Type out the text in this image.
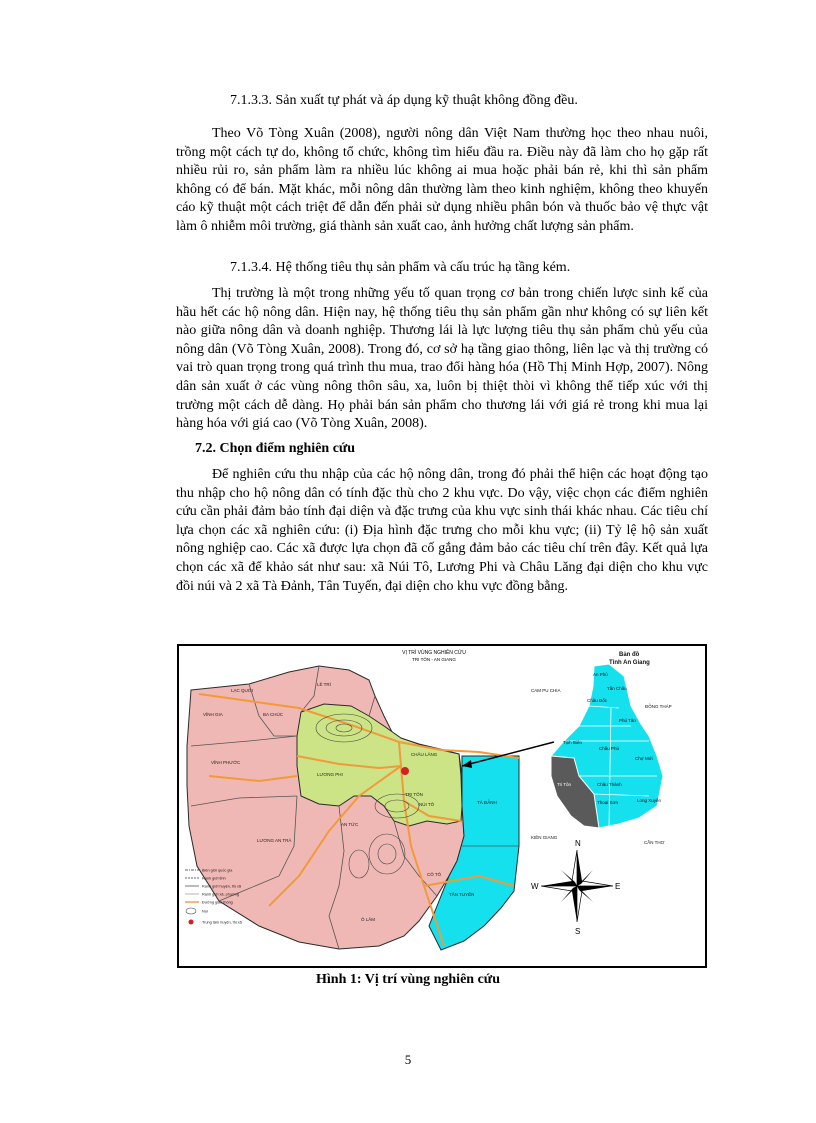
7.1.3.3. Sản xuất tự phát và áp dụng kỹ thuật không đồng đều.

Theo Võ Tòng Xuân (2008), người nông dân Việt Nam thường học theo nhau nuôi, trồng một cách tự do, không tổ chức, không tìm hiểu đầu ra. Điều này đã làm cho họ gặp rất nhiều rủi ro, sản phẩm làm ra nhiều lúc không ai mua hoặc phải bán rẻ, khi thì sản phẩm không có để bán. Mặt khác, mỗi nông dân thường làm theo kinh nghiệm, không theo khuyến cáo kỹ thuật một cách triệt để dẫn đến phải sử dụng nhiều phân bón và thuốc bảo vệ thực vật làm ô nhiễm môi trường, giá thành sản xuất cao, ảnh hưởng chất lượng sản phẩm.

7.1.3.4. Hệ thống tiêu thụ sản phẩm và cấu trúc hạ tầng kém.

Thị trường là một trong những yếu tố quan trọng cơ bản trong chiến lược sinh kế của hầu hết các hộ nông dân. Hiện nay, hệ thống tiêu thụ sản phẩm gần như không có sự liên kết nào giữa nông dân và doanh nghiệp. Thương lái là lực lượng tiêu thụ sản phẩm chủ yếu của nông dân (Võ Tòng Xuân, 2008). Trong đó, cơ sở hạ tầng giao thông, liên lạc và thị trường có vai trò quan trọng trong quá trình thu mua, trao đổi hàng hóa (Hồ Thị Minh Hợp, 2007). Nông dân sản xuất ở các vùng nông thôn sâu, xa, luôn bị thiệt thòi vì không thể tiếp xúc với thị trường một cách dễ dàng. Họ phải bán sản phẩm cho thương lái với giá rẻ trong khi mua lại hàng hóa với giá cao (Võ Tòng Xuân, 2008).

7.2. Chọn điểm nghiên cứu

Để nghiên cứu thu nhập của các hộ nông dân, trong đó phải thể hiện các hoạt động tạo thu nhập cho hộ nông dân có tính đặc thù cho 2 khu vực. Do vậy, việc chọn các điểm nghiên cứu cần phải đảm bảo tính đại diện và đặc trưng của khu vực sinh thái khác nhau. Các tiêu chí lựa chọn các xã nghiên cứu: (i) Địa hình đặc trưng cho mỗi khu vực; (ii) Tỷ lệ hộ sản xuất nông nghiệp cao. Các xã được lựa chọn đã cố gắng đảm bảo các tiêu chí trên đây. Kết quả lựa chọn các xã để khảo sát như sau: xã Núi Tô, Lương Phi và Châu Lăng đại diện cho khu vực đồi núi và 2 xã Tà Đảnh, Tân Tuyến, đại diện cho khu vực đồng bằng.

VỊ TRÍ VÙNG NGHIÊN CỨU
TRI TÔN - AN GIANG
LẠC QUỚI
LÊ TRÌ
VĨNH GIA	BA CHÚC
VĨNH PHƯỚC
LƯƠNG PHI
CHÂU LĂNG
TRI TÔN
NÚI TÔ
AN TỨC
TÀ ĐẢNH
LƯƠNG AN TRÀ
CÔ TÔ
TÂN TUYẾN
Ô LÂM
Bản đồ
Tỉnh An Giang
CAM PU CHIA
ĐỒNG THÁP
KIÊN GIANG
CẦN THƠ
An Phú
Tân Châu
Châu Đốc
Phú Tân
Tịnh Biên
Châu Phú
Chợ Mới
Tri Tôn	Châu Thành
Long Xuyên
Thoại Sơn
N
S
E
W
Biên giới quốc gia
Ranh giới tỉnh
Ranh giới huyện, thị xã
Ranh giới xã, phường
Đường giao thông
Núi
Trung tâm huyện, thị xã
Hình 1: Vị trí vùng nghiên cứu
5
